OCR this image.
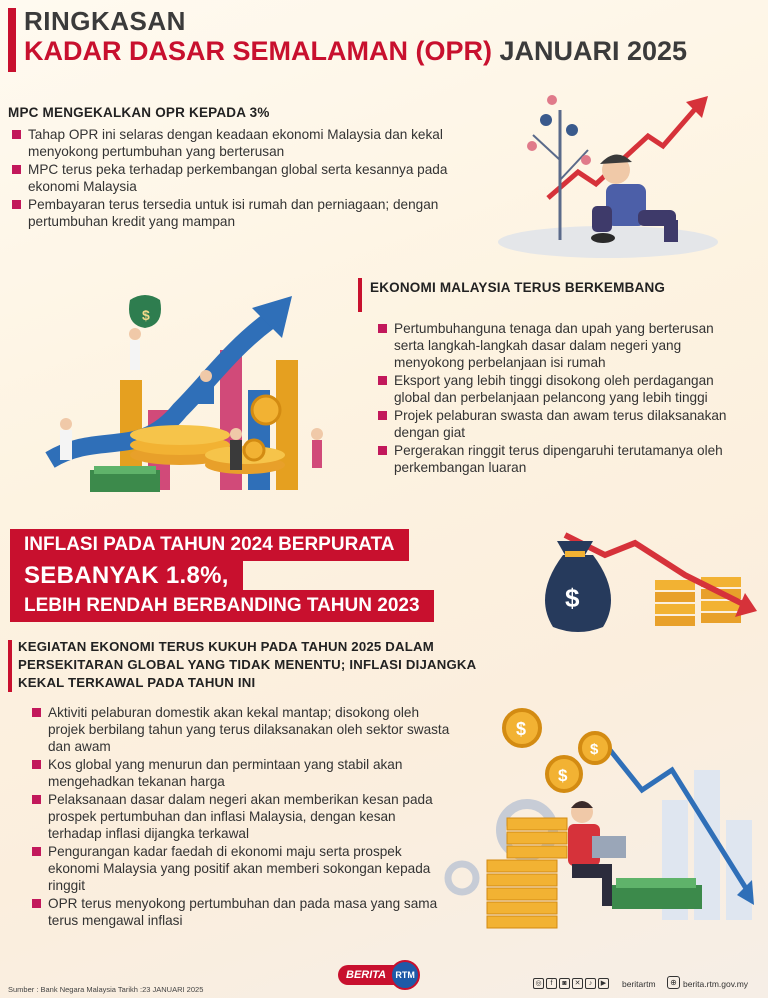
RINGKASAN
KADAR DASAR SEMALAMAN (OPR) JANUARI 2025
MPC MENGEKALKAN OPR KEPADA 3%
Tahap OPR ini selaras dengan keadaan ekonomi Malaysia dan kekal menyokong pertumbuhan yang berterusan
MPC terus peka terhadap perkembangan global serta kesannya pada ekonomi Malaysia
Pembayaran terus tersedia untuk isi rumah dan perniagaan; dengan pertumbuhan kredit yang mampan
EKONOMI MALAYSIA TERUS BERKEMBANG
Pertumbuhanguna tenaga dan upah yang berterusan serta langkah-langkah dasar dalam negeri yang menyokong perbelanjaan isi rumah
Eksport yang lebih tinggi disokong oleh perdagangan global dan perbelanjaan pelancong yang lebih tinggi
Projek pelaburan swasta dan awam terus dilaksanakan dengan giat
Pergerakan ringgit terus dipengaruhi terutamanya oleh perkembangan luaran
$
INFLASI PADA TAHUN 2024 BERPURATA
SEBANYAK 1.8%,
LEBIH RENDAH BERBANDING TAHUN 2023	$
KEGIATAN EKONOMI TERUS KUKUH PADA TAHUN 2025 DALAM
PERSEKITARAN GLOBAL YANG TIDAK MENENTU; INFLASI DIJANGKA
KEKAL TERKAWAL PADA TAHUN INI
Aktiviti pelaburan domestik akan kekal mantap; disokong oleh projek berbilang tahun yang terus dilaksanakan oleh sektor swasta dan awam
Kos global yang menurun dan permintaan yang stabil akan mengehadkan tekanan harga
Pelaksanaan dasar dalam negeri akan memberikan kesan pada prospek pertumbuhan dan inflasi Malaysia, dengan kesan terhadap inflasi dijangka terkawal
Pengurangan kadar faedah di ekonomi maju serta prospek ekonomi Malaysia yang positif akan memberi sokongan kepada ringgit
OPR terus menyokong pertumbuhan dan pada masa yang sama terus mengawal inflasi
$
$
$
Sumber : Bank Negara Malaysia Tarikh :23 JANUARI 2025
BERITA	RTM
◎	f	◙	✕	♪	▶	beritartm	⊕ berita.rtm.gov.my
